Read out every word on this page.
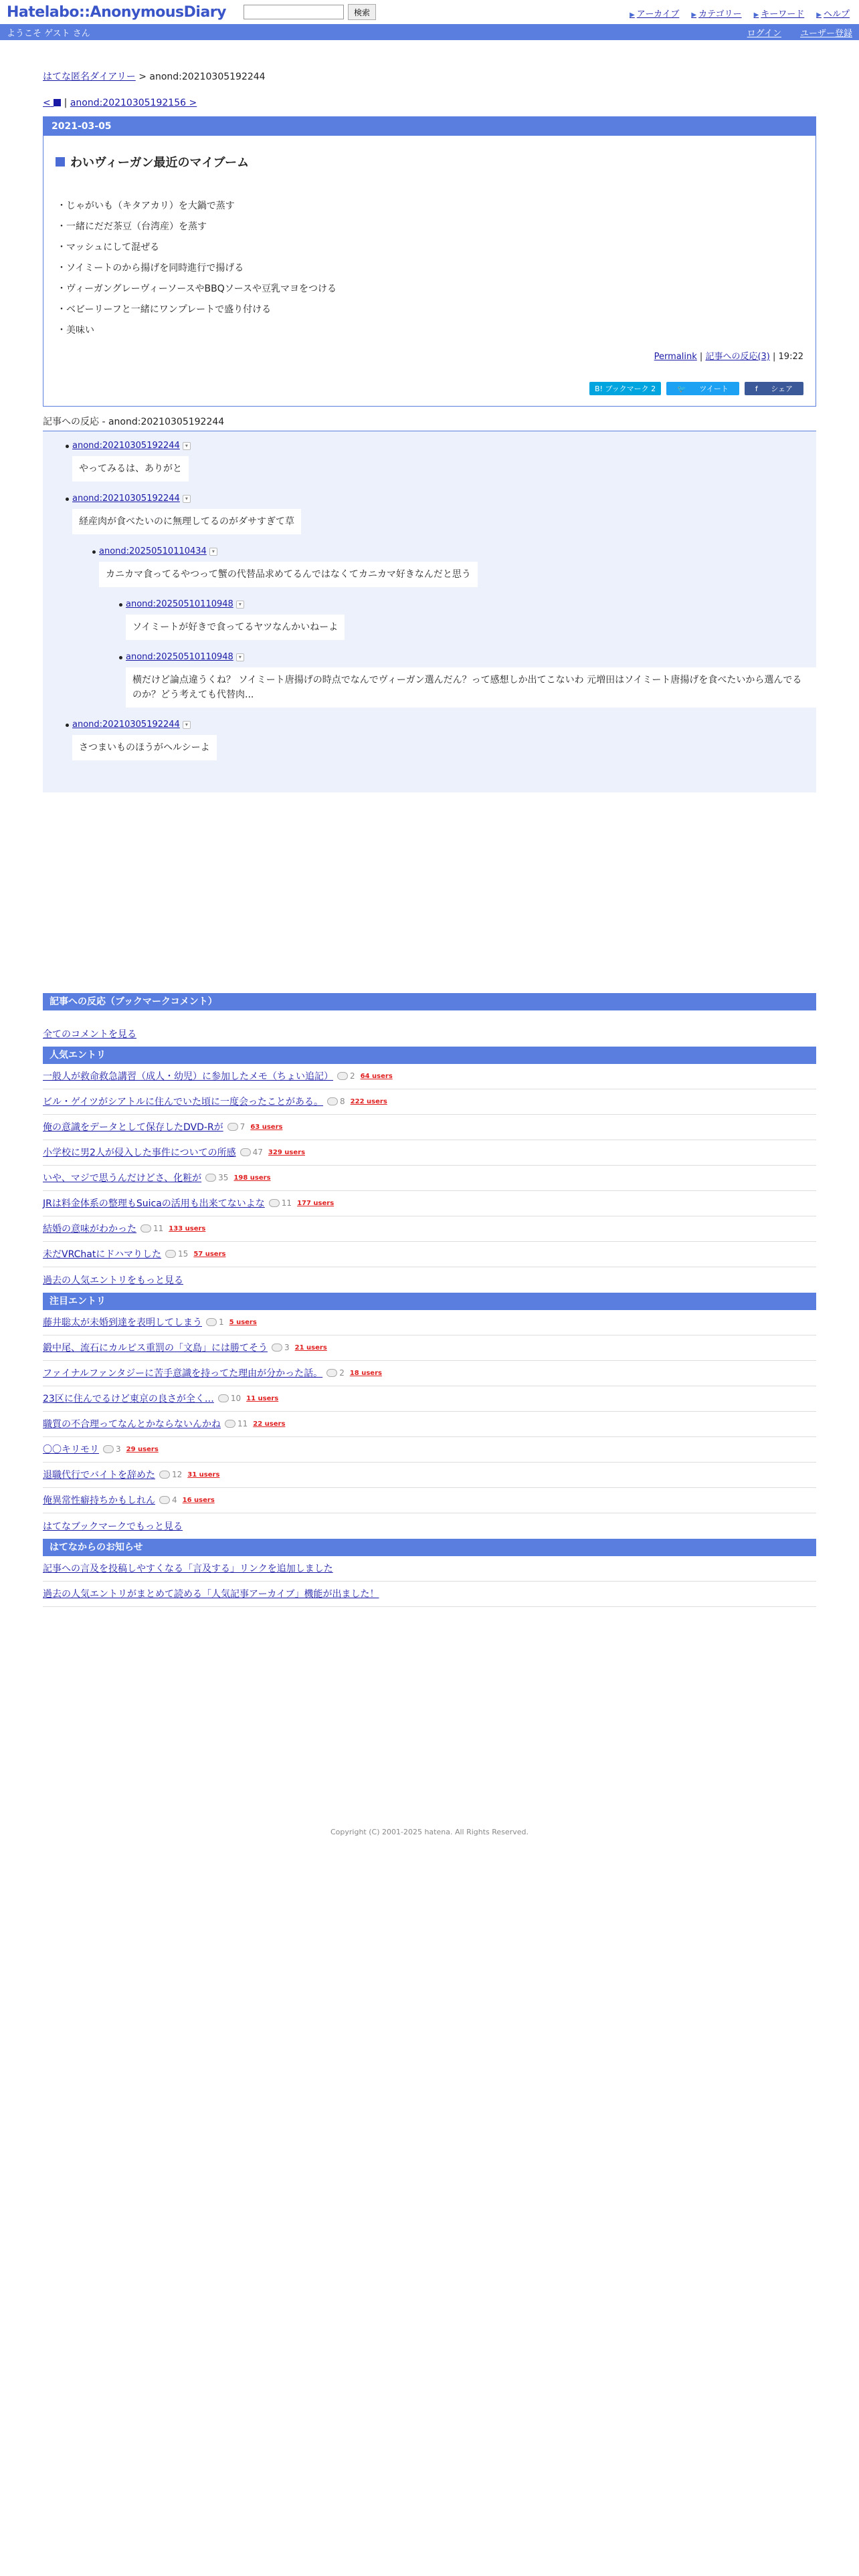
Hatelabo::AnonymousDiary	検索	▶ アーカイブ ▶ カテゴリー ▶ キーワード ▶ ヘルプ
ようこそ ゲスト さん	ログイン ユーザー登録
はてな匿名ダイアリー > anond:20210305192244
< | anond:20210305192156 >
2021-03-05
わいヴィーガン最近のマイブーム
・じゃがいも（キタアカリ）を大鍋で蒸す
・一緒にだだ茶豆（台湾産）を蒸す
・マッシュにして混ぜる
・ソイミートのから揚げを同時進行で揚げる
・ヴィーガングレーヴィーソースやBBQソースや豆乳マヨをつける
・ベビーリーフと一緒にワンプレートで盛り付ける
・美味い
Permalink | 記事への反応(3) | 19:22
B! ブックマーク 2	🐦 ツイート	f シェア
記事への反応 - anond:20210305192244
anond:20210305192244 ▾
やってみるは、ありがと
anond:20210305192244 ▾
経産肉が食べたいのに無理してるのがダサすぎて草
anond:20250510110434 ▾
カニカマ食ってるやつって蟹の代替品求めてるんではなくてカニカマ好きなんだと思う
anond:20250510110948 ▾
ソイミートが好きで食ってるヤツなんかいねーよ
anond:20250510110948 ▾
横だけど論点違うくね？ ソイミート唐揚げの時点でなんでヴィーガン選んだん？って感想しか出てこないわ 元増田はソイミート唐揚げを食べたいから選んでるのか？どう考えても代替肉...
anond:20210305192244 ▾
さつまいものほうがヘルシーよ
記事への反応（ブックマークコメント）
全てのコメントを見る
人気エントリ
一般人が救命救急講習（成人・幼児）に参加したメモ（ちょい追記） 2 64 users
ビル・ゲイツがシアトルに住んでいた頃に一度会ったことがある。 8 222 users
俺の意識をデータとして保存したDVD-Rが 7 63 users
小学校に男2人が侵入した事件についての所感 47 329 users
いや、マジで思うんだけどさ、化粧が 35 198 users
JRは料金体系の整理もSuicaの活用も出来てないよな 11 177 users
結婚の意味がわかった 11 133 users
未だVRChatにドハマりした 15 57 users
過去の人気エントリをもっと見る
注目エントリ
藤井聡太が未婚到達を表明してしまう 1 5 users
鍛中尾、流石にカルピス重罰の「文島」には勝てそう 3 21 users
ファイナルファンタジーに苦手意識を持ってた理由が分かった話。 2 18 users
23区に住んでるけど東京の良さが全く… 10 11 users
職質の不合理ってなんとかならないんかね 11 22 users
〇〇キリモリ 3 29 users
退職代行でバイトを辞めた 12 31 users
俺異常性癖持ちかもしれん 4 16 users
はてなブックマークでもっと見る
はてなからのお知らせ
記事への言及を投稿しやすくなる「言及する」リンクを追加しました
過去の人気エントリがまとめて読める「人気記事アーカイブ」機能が出ました！
Copyright (C) 2001-2025 hatena. All Rights Reserved.
